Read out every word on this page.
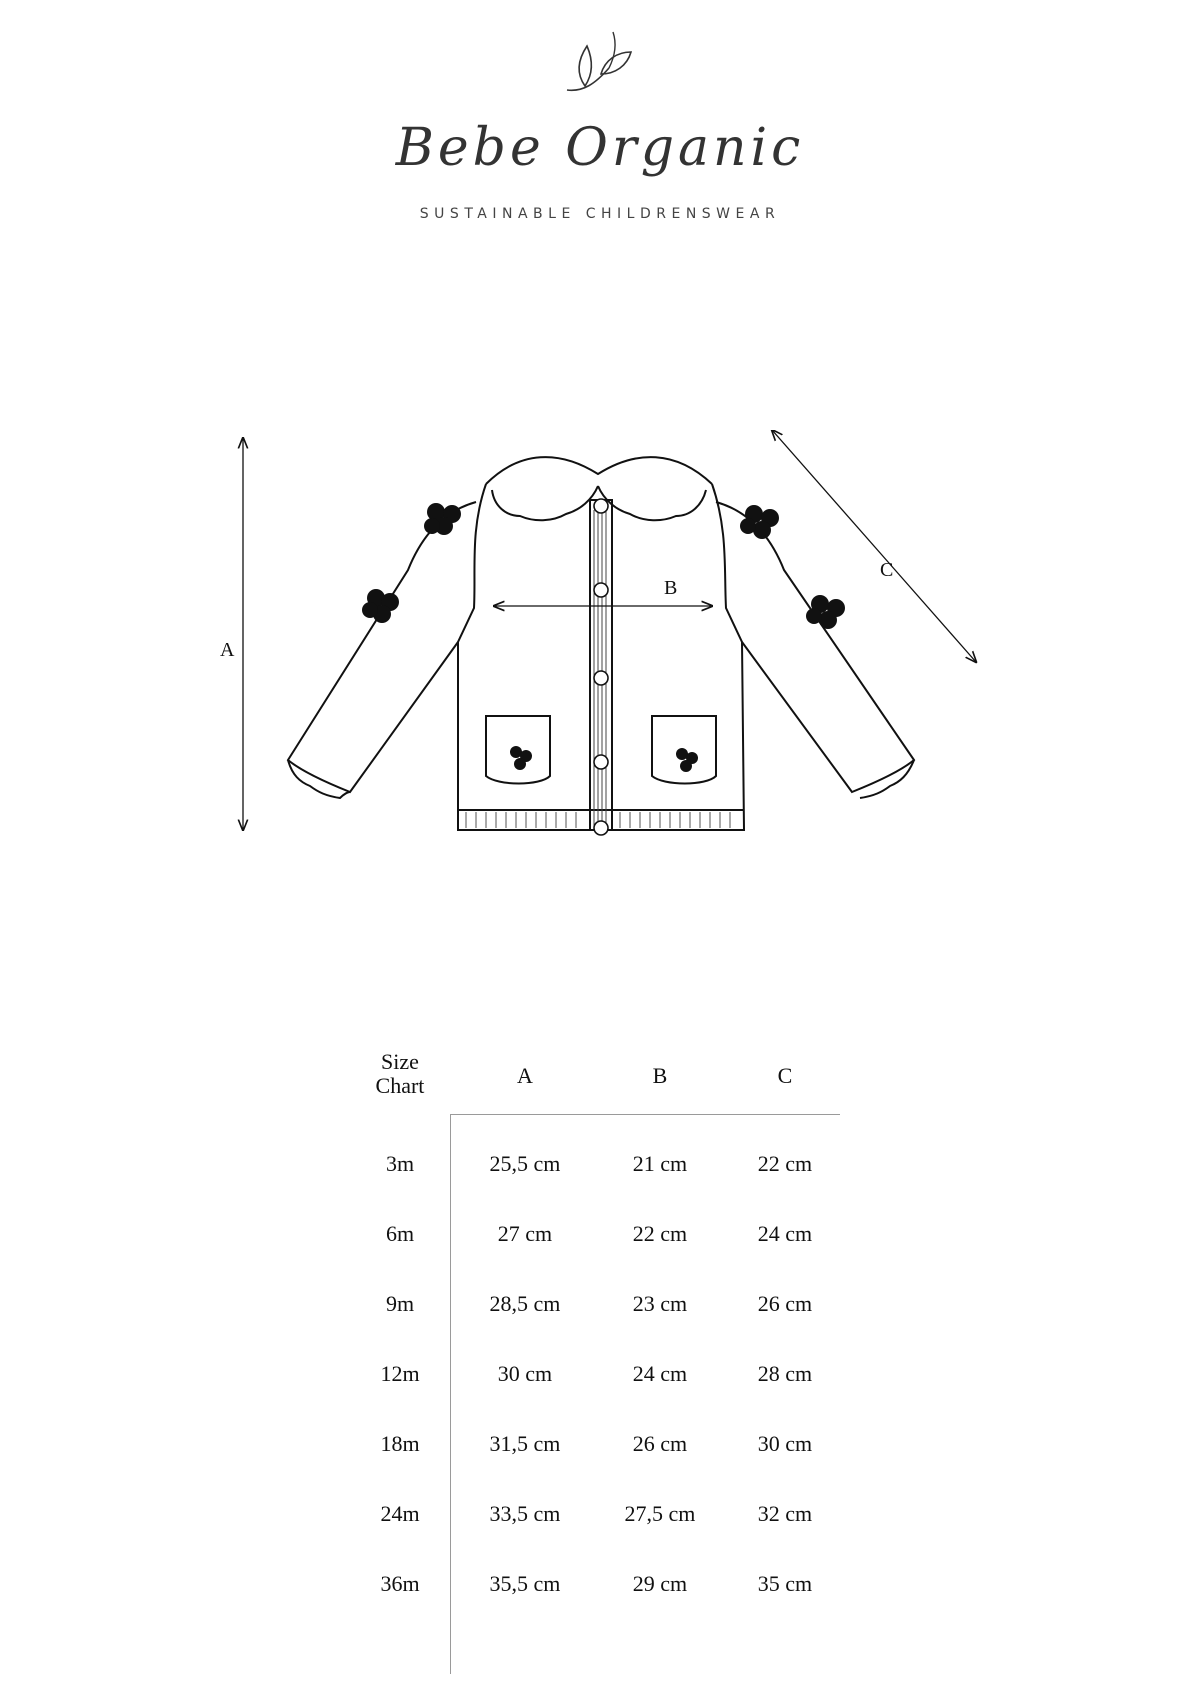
Bebe Organic
SUSTAINABLE CHILDRENSWEAR
A
C
B
Size
Chart	A	B	C
3m	25,5 cm	21 cm	22 cm
6m	27 cm	22 cm	24 cm
9m	28,5 cm	23 cm	26 cm
12m	30 cm	24 cm	28 cm
18m	31,5 cm	26 cm	30 cm
24m	33,5 cm	27,5 cm	32 cm
36m	35,5 cm	29 cm	35 cm
